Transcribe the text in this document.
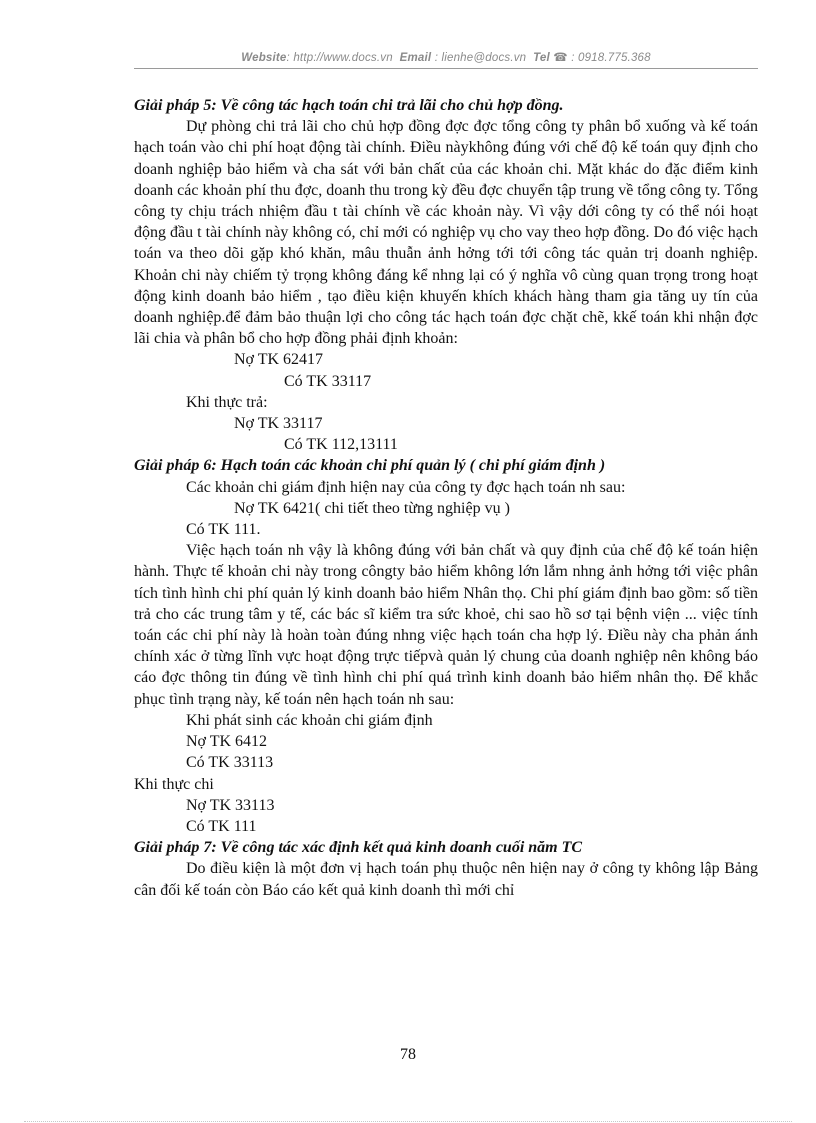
Website: http://www.docs.vn Email : lienhe@docs.vn Tel ☎ : 0918.775.368

Giải pháp 5: Về công tác hạch toán chi trả lãi cho chủ hợp đồng.

Dự phòng chi trả lãi cho chủ hợp đồng đợc đợc tổng công ty phân bổ xuống và kế toán hạch toán vào chi phí hoạt động tài chính. Điều nàykhông đúng với chế độ kế toán quy định cho doanh nghiệp bảo hiểm và cha sát với bản chất của các khoản chi. Mặt khác do đặc điểm kinh doanh các khoản phí thu đợc, doanh thu trong kỳ đều đợc chuyển tập trung về tổng công ty. Tổng công ty chịu trách nhiệm đầu t tài chính về các khoản này. Vì vậy dới công ty có thể nói hoạt động đầu t tài chính này không có, chỉ mới có nghiệp vụ cho vay theo hợp đồng. Do đó việc hạch toán va theo dõi gặp khó khăn, mâu thuẫn ảnh hởng tới tới công tác quản trị doanh nghiệp. Khoản chi này chiếm tỷ trọng không đáng kể nhng lại có ý nghĩa vô cùng quan trọng trong hoạt động kinh doanh bảo hiểm , tạo điều kiện khuyến khích khách hàng tham gia tăng uy tín của doanh nghiệp.để đảm bảo thuận lợi cho công tác hạch toán đợc chặt chẽ, kkế toán khi nhận đợc lãi chia và phân bổ cho hợp đồng phải định khoản:

Nợ TK 62417

Có TK 33117

Khi thực trả:

Nợ TK 33117

Có TK 112,13111

Giải pháp 6: Hạch toán các khoản chi phí quản lý ( chi phí giám định )

Các khoản chi giám định hiện nay của công ty đợc hạch toán nh sau:

Nợ TK 6421( chi tiết theo từng nghiệp vụ )

Có TK 111.

Việc hạch toán nh vậy là không đúng với bản chất và quy định của chế độ kế toán hiện hành. Thực tế khoản chi này trong côngty bảo hiểm không lớn lắm nhng ảnh hởng tới việc phân tích tình hình chi phí quản lý kinh doanh bảo hiểm Nhân thọ. Chi phí giám định bao gồm: số tiền trả cho các trung tâm y tế, các bác sĩ kiểm tra sức khoẻ, chi sao hồ sơ tại bệnh viện ... việc tính toán các chi phí này là hoàn toàn đúng nhng việc hạch toán cha hợp lý. Điều này cha phản ánh chính xác ở từng lĩnh vực hoạt động trực tiếpvà quản lý chung của doanh nghiệp nên không báo cáo đợc thông tin đúng về tình hình chi phí quá trình kinh doanh bảo hiểm nhân thọ. Để khắc phục tình trạng này, kế toán nên hạch toán nh sau:

Khi phát sinh các khoản chi giám định

Nợ TK 6412

Có TK 33113

Khi thực chi

Nợ TK 33113

Có TK 111

Giải pháp 7: Về công tác xác định kết quả kinh doanh cuối năm TC

Do điều kiện là một đơn vị hạch toán phụ thuộc nên hiện nay ở công ty không lập Bảng cân đối kế toán còn Báo cáo kết quả kinh doanh thì mới chỉ

78
